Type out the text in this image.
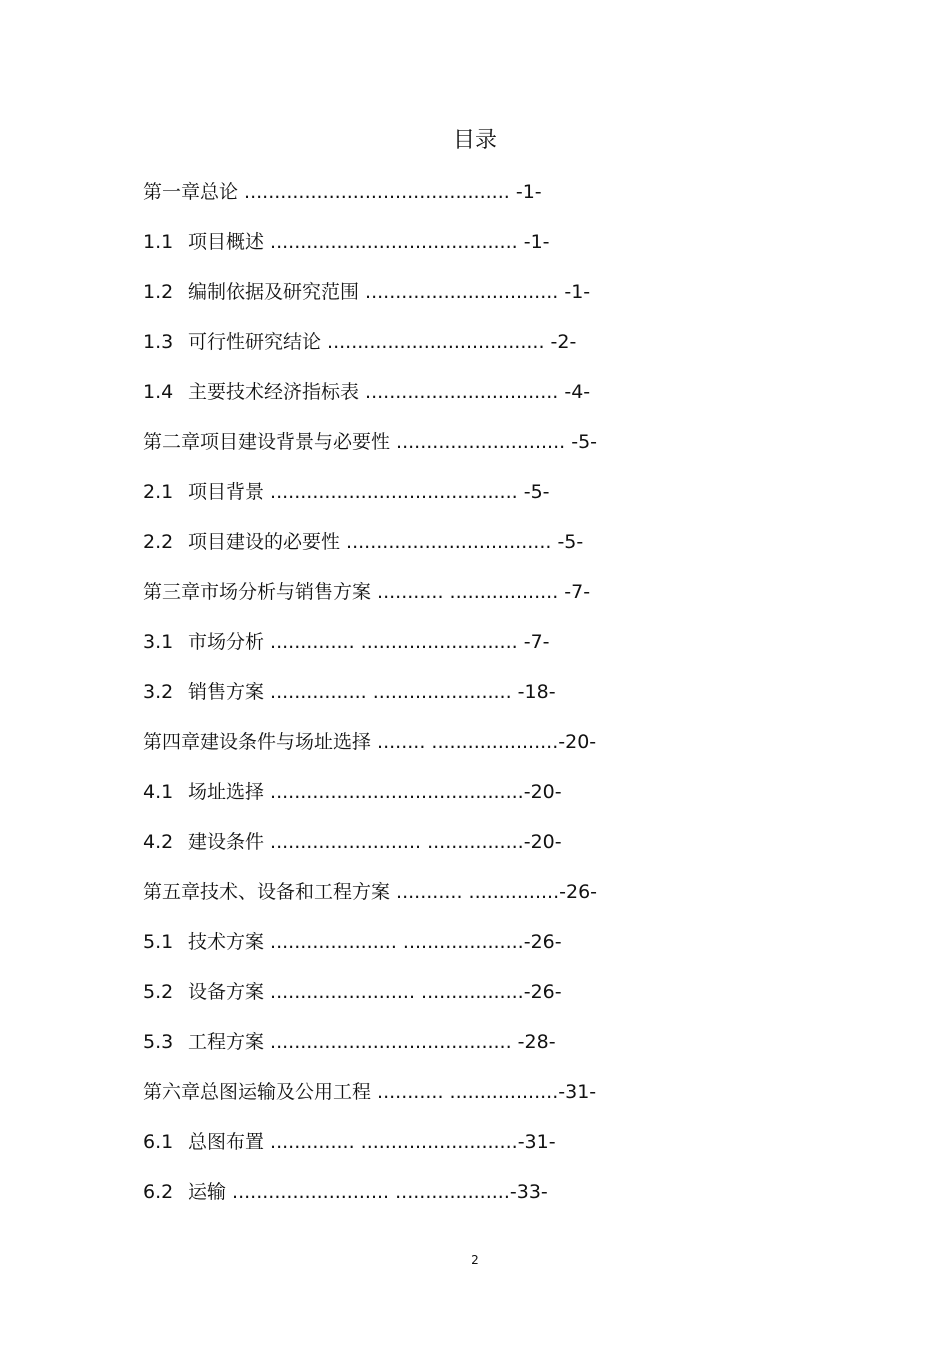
目录
第一章总论 ............................................ -1-
1.1 项目概述 ......................................... -1-
1.2 编制依据及研究范围 ................................ -1-
1.3 可行性研究结论 .................................... -2-
1.4 主要技术经济指标表 ................................ -4-
第二章项目建设背景与必要性 ............................ -5-
2.1 项目背景 ......................................... -5-
2.2 项目建设的必要性 .................................. -5-
第三章市场分析与销售方案 ........... .................. -7-
3.1 市场分析 .............. .......................... -7-
3.2 销售方案 ................ ....................... -18-
第四章建设条件与场址选择 ........ .....................-20-
4.1 场址选择 ..........................................-20-
4.2 建设条件 ......................... ................-20-
第五章技术、设备和工程方案 ........... ...............-26-
5.1 技术方案 ..................... ....................-26-
5.2 设备方案 ........................ .................-26-
5.3 工程方案 ........................................ -28-
第六章总图运输及公用工程 ........... ..................-31-
6.1 总图布置 .............. ..........................-31-
6.2 运输 .......................... ...................-33-
2
